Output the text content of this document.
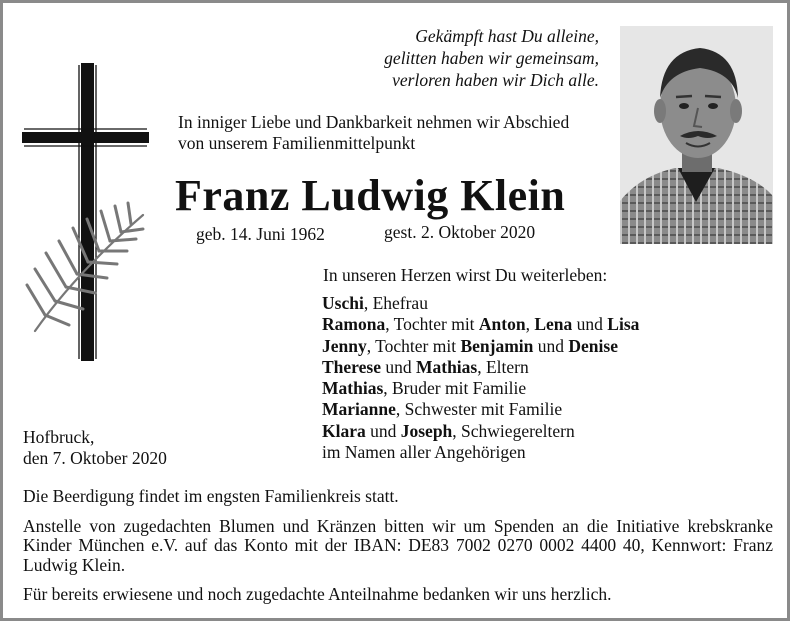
Gekämpft hast Du alleine,
gelitten haben wir gemeinsam,
verloren haben wir Dich alle.
In inniger Liebe und Dankbarkeit nehmen wir Abschied
von unserem Familienmittelpunkt
Franz Ludwig Klein
geb. 14. Juni 1962	gest. 2. Oktober 2020
In unseren Herzen wirst Du weiterleben:
Uschi, Ehefrau
Ramona, Tochter mit Anton, Lena und Lisa
Jenny, Tochter mit Benjamin und Denise
Therese und Mathias, Eltern
Mathias, Bruder mit Familie
Marianne, Schwester mit Familie
Klara und Joseph, Schwiegereltern
im Namen aller Angehörigen
Hofbruck,
den 7. Oktober 2020

Die Beerdigung findet im engsten Familienkreis statt.

Anstelle von zugedachten Blumen und Kränzen bitten wir um Spenden an die Initiative krebskranke Kinder München e.V. auf das Konto mit der IBAN: DE83 7002 0270 0002 4400 40, Kennwort: Franz Ludwig Klein.

Für bereits erwiesene und noch zugedachte Anteilnahme bedanken wir uns herzlich.
